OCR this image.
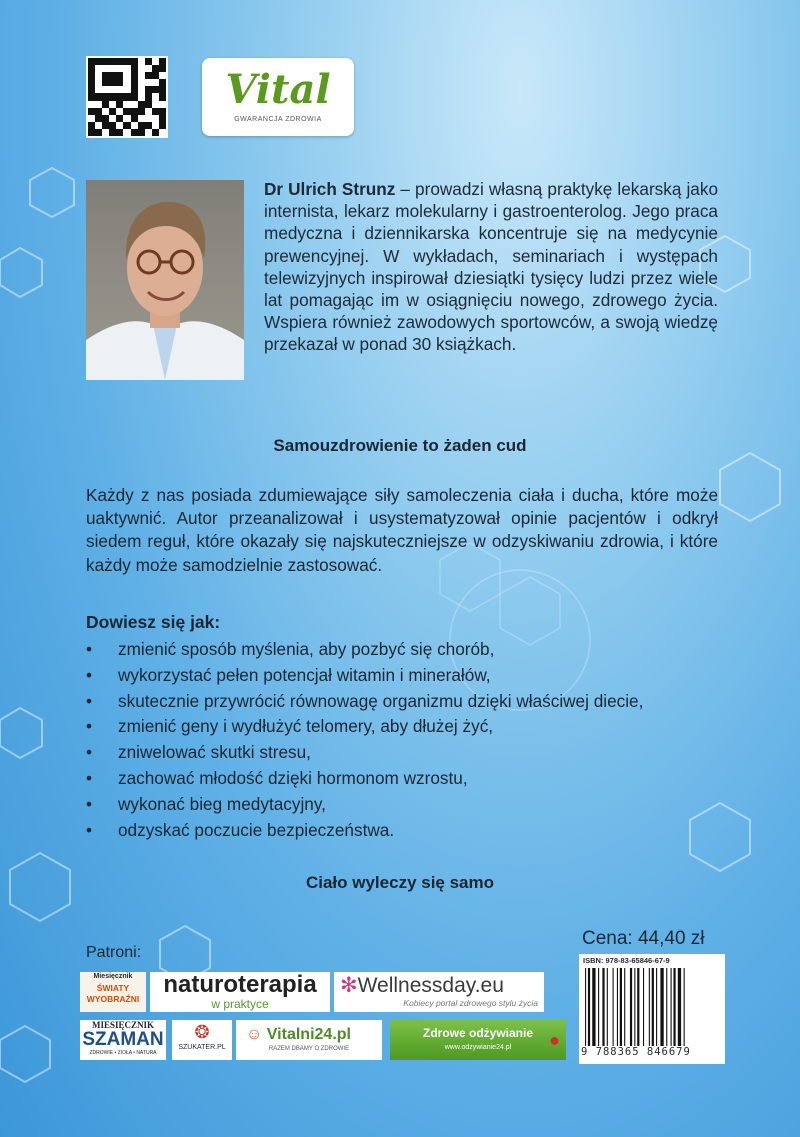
Vital
GWARANCJA ZDROWIA
Dr Ulrich Strunz – prowadzi własną praktykę lekarską jako internista, lekarz molekularny i gastroenterolog. Jego praca medyczna i dziennikarska koncentruje się na medycynie prewencyjnej. W wykładach, seminariach i występach telewizyjnych inspirował dziesiątki tysięcy ludzi przez wiele lat pomagając im w osiągnięciu nowego, zdrowego życia. Wspiera również zawodowych sportowców, a swoją wiedzę przekazał w ponad 30 książkach.
Samouzdrowienie to żaden cud
Każdy z nas posiada zdumiewające siły samoleczenia ciała i ducha, które może uaktywnić. Autor przeanalizował i usystematyzował opinie pacjentów i odkrył siedem reguł, które okazały się najskuteczniejsze w odzyskiwaniu zdrowia, i które każdy może samodzielnie zastosować.
Dowiesz się jak:
• zmienić sposób myślenia, aby pozbyć się chorób,
• wykorzystać pełen potencjał witamin i minerałów,
• skutecznie przywrócić równowagę organizmu dzięki właściwej diecie,
• zmienić geny i wydłużyć telomery, aby dłużej żyć,
• zniwelować skutki stresu,
• zachować młodość dzięki hormonom wzrostu,
• wykonać bieg medytacyjny,
• odzyskać poczucie bezpieczeństwa.
Ciało wyleczy się samo
Cena: 44,40 zł
Patroni:
Miesięcznik
ŚWIATY WYOBRAŹNI
naturoterapia
w praktyce
✻Wellnessday.eu
Kobiecy portal zdrowego stylu życia
MIESIĘCZNIK
SZAMAN
ZDROWIE • ZIOŁA • NATURA
❂
SZUKATER.PL
☺ Vitalni24.pl
RAZEM DBAMY O ZDROWIE
Zdrowe odżywianie
www.odzywianie24.pl	●
ISBN: 978-83-65846-67-9
9 788365 846679
